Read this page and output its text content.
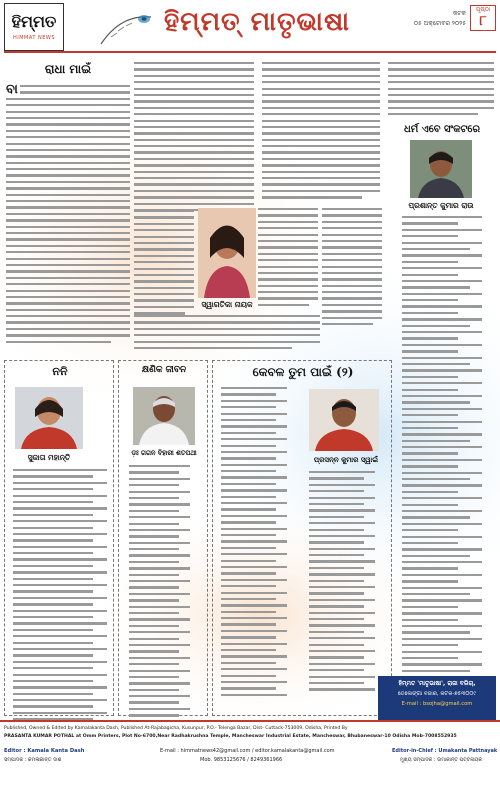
ହିମ୍ମତ
HIMMAT NEWS
ହିମ୍ମତ୍ ମାତୃଭାଷା	କଟକ
୦୫ ଅକ୍ଟୋବର ୨୦୨୫
ପୃଷ୍ଠା
୮
ରାଧା ମାଇଁ
ବା
ସ୍ୱାଗତିକା ନାୟକ
ଧର୍ମ ଏବେ ସଂକଟରେ
ପ୍ରଶାନ୍ତ କୁମାର ରାଉ
ନନି
ସୁଜାତା ମହାନ୍ତି
କ୍ଷଣିକ ଜୀବନ
ଡ଼ଃ ଗଗନ ବିହାରୀ ଶତପଥୀ
କେବଳ ତୁମ ପାଇଁ (୨)
ପ୍ରସନ୍ନ କୁମାର ସ୍ୱାଇଁ
ହିମ୍ମତ 'ମାତୃଭାଷା', ରାଜା ବଗିଚା,
ତେଲେଙ୍ଗା ବଜାର, କଟକ-୭୫୩୦୦୯
E-mail : bsojha@gmail.com
Published, Owned & Edited by Kamalakanta Dash, Published At-Rajabagicha, Kusunpur, P.O.- Telenga Bazar, Dist- Cuttack-753009, Odisha, Printed By
PRASANTA KUMAR POTHAL at Omm Printers, Plot No-6700,Near Radhakrushna Temple, Mancheswar Industrial Estate, Mancheswar, Bhubaneswar-10 Odisha Mob-7008552935
Editor : Kamala Kanta Dash
ସମ୍ପାଦକ : କମଳାକାନ୍ତ ଦାଶ
E-mail : himmatnews42@gmail.com / editor.kamalakanta@gmail.com
Mob. 9853125676 / 8249361966
Editor-in-Chief : Umakanta Pattnayak
ମୁଖ୍ୟ ସମ୍ପାଦକ : ଉମାକାନ୍ତ ପଟ୍ଟନାୟକ
